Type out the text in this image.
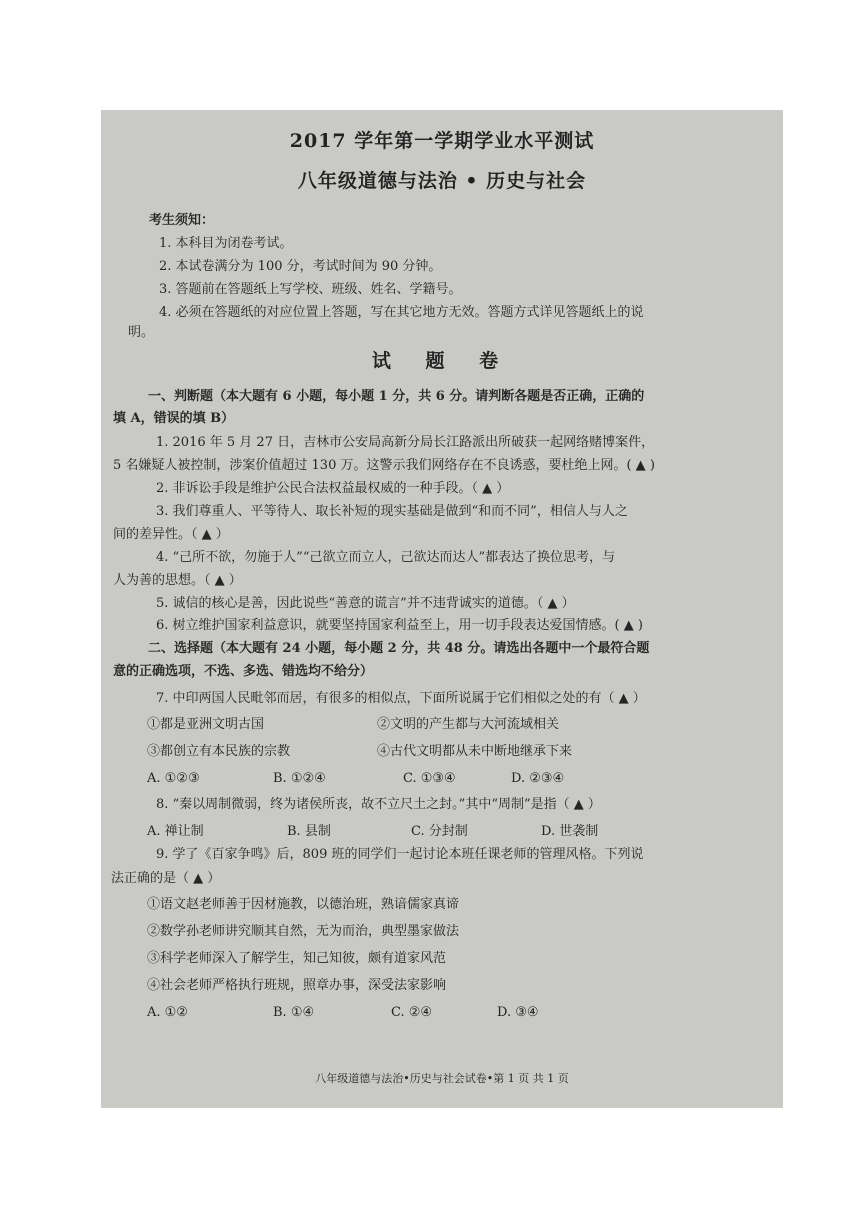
2017 学年第一学期学业水平测试
八年级道德与法治 • 历史与社会
考生须知：
1. 本科目为闭卷考试。
2. 本试卷满分为 100 分，考试时间为 90 分钟。
3. 答题前在答题纸上写学校、班级、姓名、学籍号。
4. 必须在答题纸的对应位置上答题，写在其它地方无效。答题方式详见答题纸上的说
明。
试 题 卷
一、判断题（本大题有 6 小题，每小题 1 分，共 6 分。请判断各题是否正确，正确的
填 A，错误的填 B）
1. 2016 年 5 月 27 日，吉林市公安局高新分局长江路派出所破获一起网络赌博案件，
5 名嫌疑人被控制，涉案价值超过 130 万。这警示我们网络存在不良诱惑，要杜绝上网。( ▲ )
2. 非诉讼手段是维护公民合法权益最权威的一种手段。（ ▲ ）
3. 我们尊重人、平等待人、取长补短的现实基础是做到“和而不同”，相信人与人之
间的差异性。（ ▲ ）
4. “己所不欲，勿施于人”“己欲立而立人，己欲达而达人”都表达了换位思考，与
人为善的思想。（ ▲ ）
5. 诚信的核心是善，因此说些“善意的谎言”并不违背诚实的道德。（ ▲ ）
6. 树立维护国家利益意识，就要坚持国家利益至上，用一切手段表达爱国情感。( ▲ )
二、选择题（本大题有 24 小题，每小题 2 分，共 48 分。请选出各题中一个最符合题
意的正确选项，不选、多选、错选均不给分）
7. 中印两国人民毗邻而居，有很多的相似点，下面所说属于它们相似之处的有（ ▲ ）
①都是亚洲文明古国	②文明的产生都与大河流域相关
③都创立有本民族的宗教	④古代文明都从未中断地继承下来
A. ①②③	B. ①②④	C. ①③④	D. ②③④
8. “秦以周制微弱，终为诸侯所丧，故不立尺土之封。”其中“周制”是指（ ▲ ）
A. 禅让制	B. 县制	C. 分封制	D. 世袭制
9. 学了《百家争鸣》后，809 班的同学们一起讨论本班任课老师的管理风格。下列说
法正确的是（ ▲ ）
①语文赵老师善于因材施教，以德治班，熟谙儒家真谛
②数学孙老师讲究顺其自然，无为而治，典型墨家做法
③科学老师深入了解学生，知己知彼，颇有道家风范
④社会老师严格执行班规，照章办事，深受法家影响
A. ①②	B. ①④	C. ②④	D. ③④
八年级道德与法治•历史与社会试卷•第 1 页 共 1 页
